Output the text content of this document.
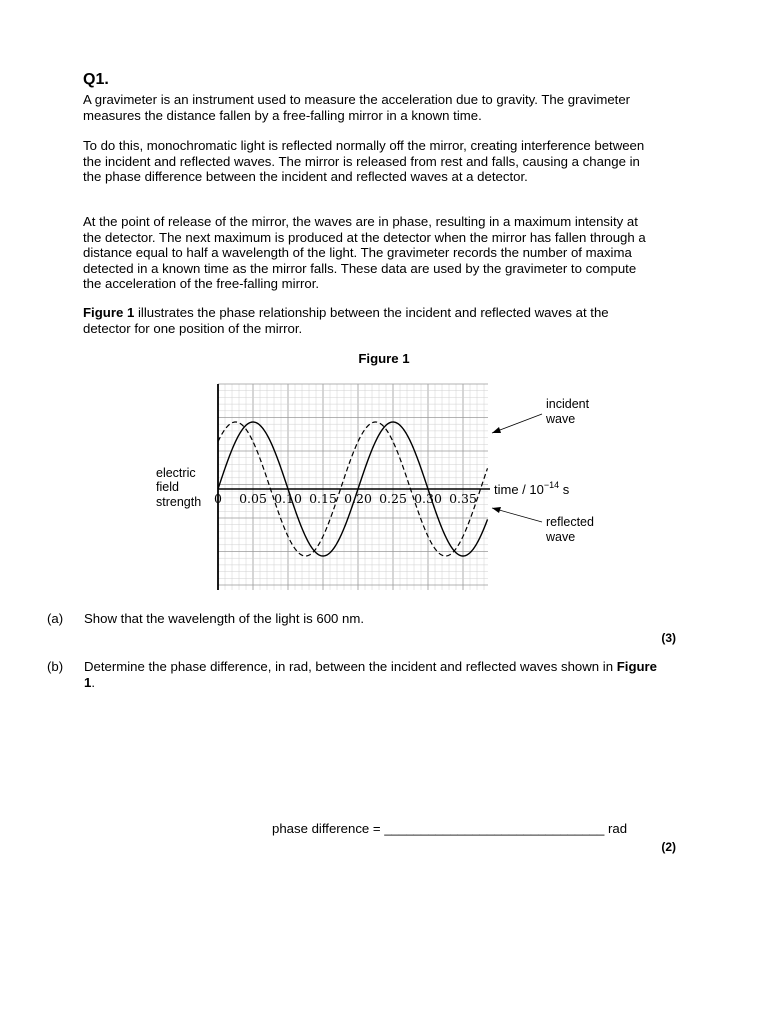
Q1.

A gravimeter is an instrument used to measure the acceleration due to gravity. The gravimeter measures the distance fallen by a free-falling mirror in a known time.

To do this, monochromatic light is reflected normally off the mirror, creating interference between the incident and reflected waves. The mirror is released from rest and falls, causing a change in the phase difference between the incident and reflected waves at a detector.

At the point of release of the mirror, the waves are in phase, resulting in a maximum intensity at the detector. The next maximum is produced at the detector when the mirror has fallen through a distance equal to half a wavelength of the light. The gravimeter records the number of maxima detected in a known time as the mirror falls. These data are used by the gravimeter to compute the acceleration of the free-falling mirror.

Figure 1 illustrates the phase relationship between the incident and reflected waves at the detector for one position of the mirror.

Figure 1
0 0.05 0.10 0.15 0.20 0.25 0.30 0.35
electric
field
strength
time / $10^{-14}$ s
incident
wave
reflected
wave
(a) Show that the wavelength of the light is 600 nm.
(3)
(b) Determine the phase difference, in rad, between the incident and reflected waves shown in Figure 1.
phase difference = ______________________________ rad
(2)
